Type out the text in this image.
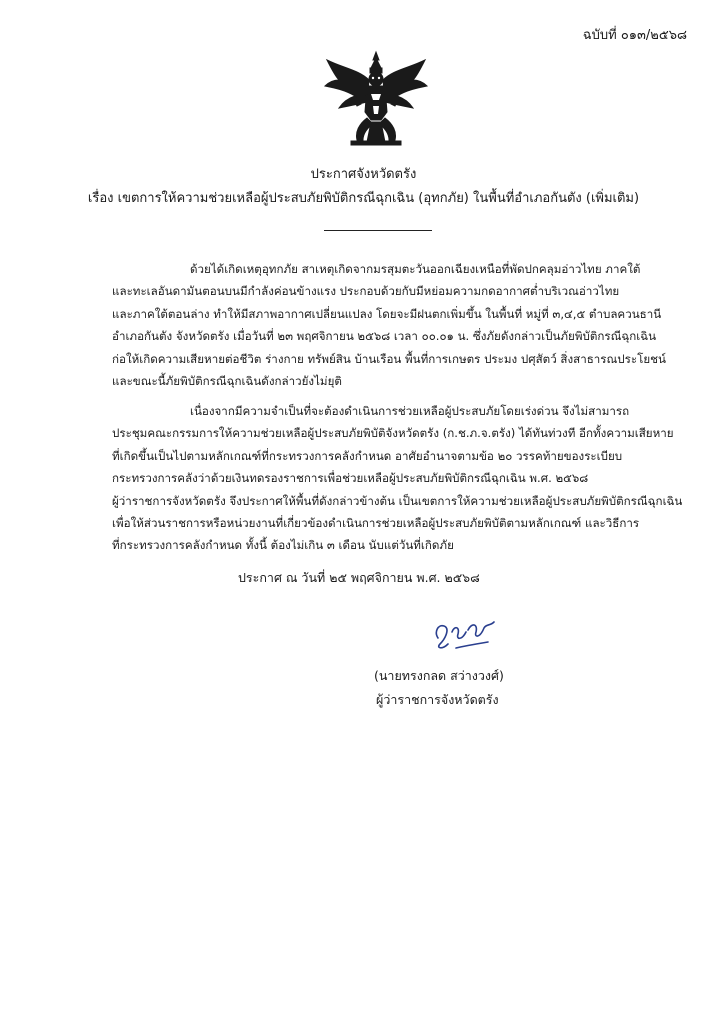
ฉบับที่ ๐๑๓/๒๕๖๘
ประกาศจังหวัดตรัง
เรื่อง เขตการให้ความช่วยเหลือผู้ประสบภัยพิบัติกรณีฉุกเฉิน (อุทกภัย) ในพื้นที่อำเภอกันตัง (เพิ่มเติม)
ด้วยได้เกิดเหตุอุทกภัย สาเหตุเกิดจากมรสุมตะวันออกเฉียงเหนือที่พัดปกคลุมอ่าวไทย ภาคใต้
และทะเลอันดามันตอนบนมีกำลังค่อนข้างแรง ประกอบด้วยกับมีหย่อมความกดอากาศต่ำบริเวณอ่าวไทย
และภาคใต้ตอนล่าง ทำให้มีสภาพอากาศเปลี่ยนแปลง โดยจะมีฝนตกเพิ่มขึ้น ในพื้นที่ หมู่ที่ ๓,๔,๕ ตำบลควนธานี
อำเภอกันตัง จังหวัดตรัง เมื่อวันที่ ๒๓ พฤศจิกายน ๒๕๖๘ เวลา ๐๐.๐๑ น. ซึ่งภัยดังกล่าวเป็นภัยพิบัติกรณีฉุกเฉิน
ก่อให้เกิดความเสียหายต่อชีวิต ร่างกาย ทรัพย์สิน บ้านเรือน พื้นที่การเกษตร ประมง ปศุสัตว์ สิ่งสาธารณประโยชน์
และขณะนี้ภัยพิบัติกรณีฉุกเฉินดังกล่าวยังไม่ยุติ
เนื่องจากมีความจำเป็นที่จะต้องดำเนินการช่วยเหลือผู้ประสบภัยโดยเร่งด่วน จึงไม่สามารถ
ประชุมคณะกรรมการให้ความช่วยเหลือผู้ประสบภัยพิบัติจังหวัดตรัง (ก.ช.ภ.จ.ตรัง) ได้ทันท่วงที อีกทั้งความเสียหาย
ที่เกิดขึ้นเป็นไปตามหลักเกณฑ์ที่กระทรวงการคลังกำหนด อาศัยอำนาจตามข้อ ๒๐ วรรคท้ายของระเบียบ
กระทรวงการคลังว่าด้วยเงินทดรองราชการเพื่อช่วยเหลือผู้ประสบภัยพิบัติกรณีฉุกเฉิน พ.ศ. ๒๕๖๘
ผู้ว่าราชการจังหวัดตรัง จึงประกาศให้พื้นที่ดังกล่าวข้างต้น เป็นเขตการให้ความช่วยเหลือผู้ประสบภัยพิบัติกรณีฉุกเฉิน
เพื่อให้ส่วนราชการหรือหน่วยงานที่เกี่ยวข้องดำเนินการช่วยเหลือผู้ประสบภัยพิบัติตามหลักเกณฑ์ และวิธีการ
ที่กระทรวงการคลังกำหนด ทั้งนี้ ต้องไม่เกิน ๓ เดือน นับแต่วันที่เกิดภัย
ประกาศ ณ วันที่ ๒๕ พฤศจิกายน พ.ศ. ๒๕๖๘
(นายทรงกลด สว่างวงศ์)
ผู้ว่าราชการจังหวัดตรัง
